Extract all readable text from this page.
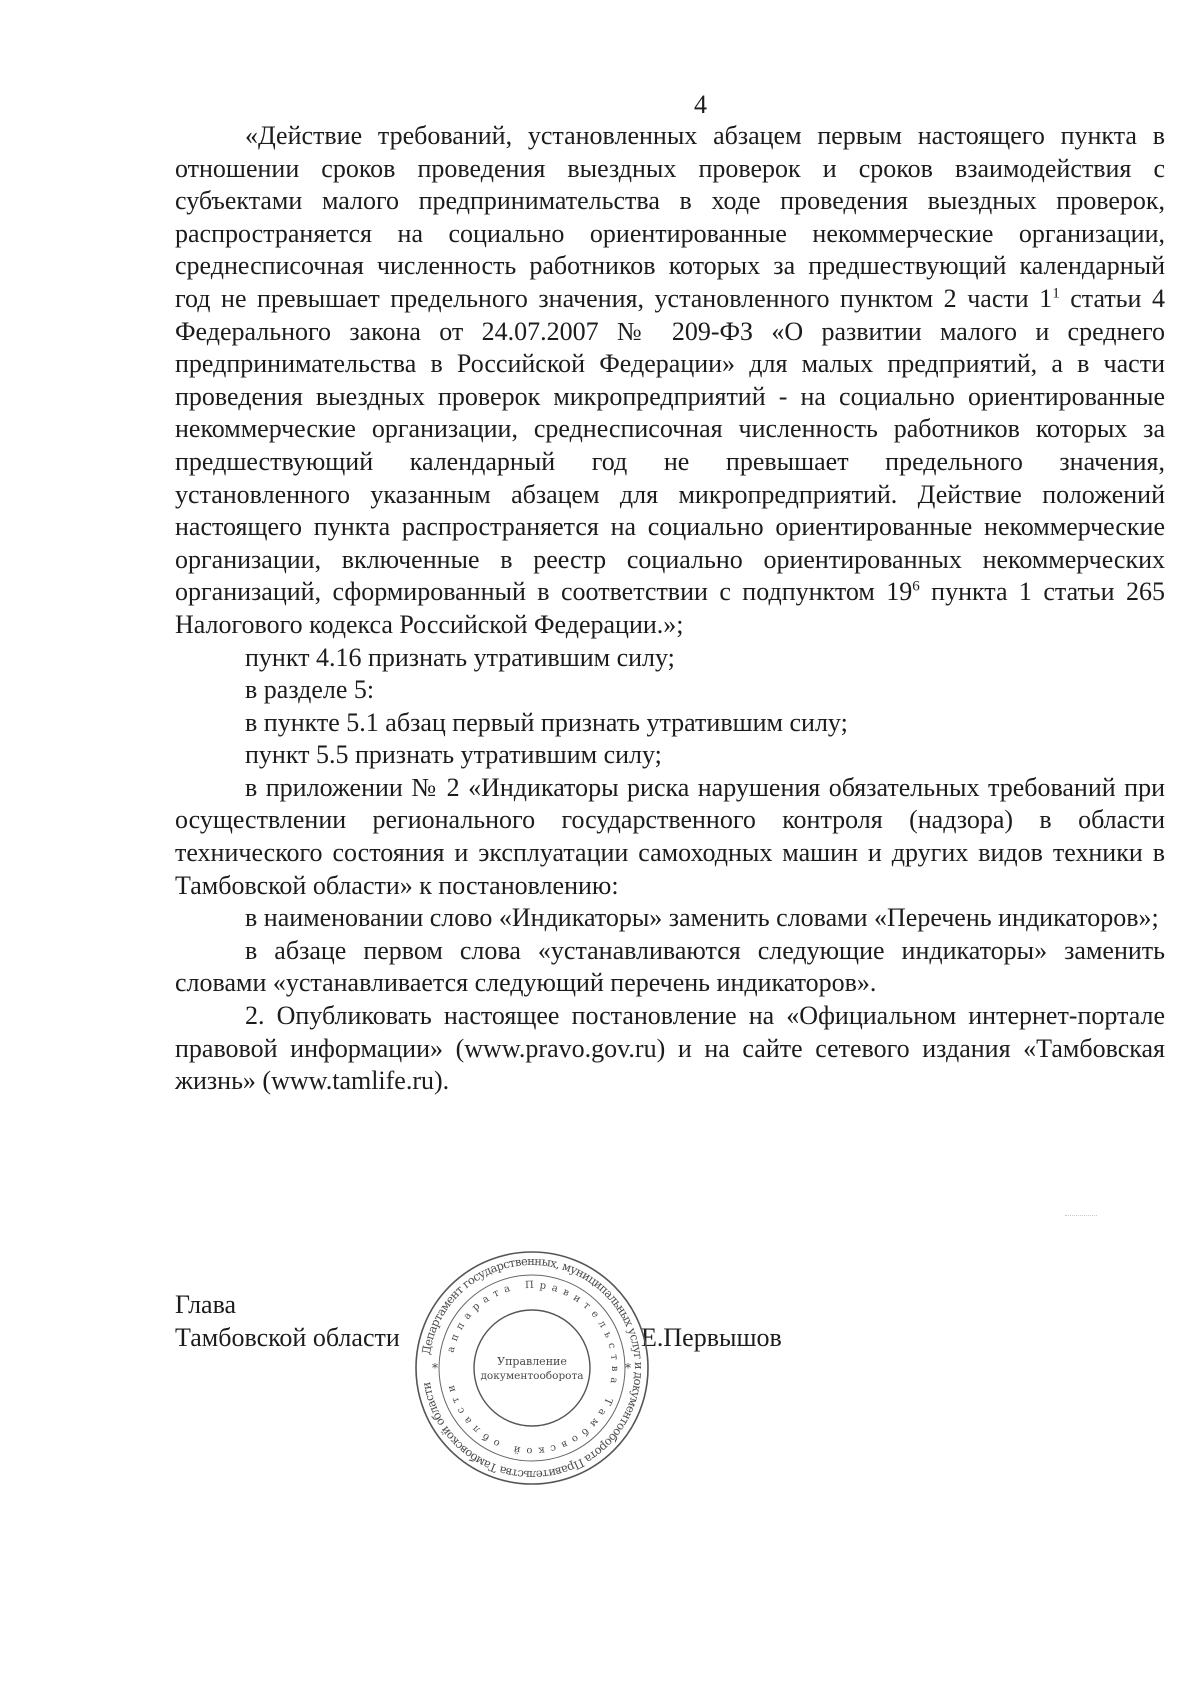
4

«Действие требований, установленных абзацем первым настоящего пункта в отношении сроков проведения выездных проверок и сроков взаимодействия с субъектами малого предпринимательства в ходе проведения выездных проверок, распространяется на социально ориентированные некоммерческие организации, среднесписочная численность работников которых за предшествующий календарный год не превышает предельного значения, установленного пунктом 2 части $1^1$ статьи 4 Федерального закона от 24.07.2007 № 209-ФЗ «О развитии малого и среднего предпринимательства в Российской Федерации» для малых предприятий, а в части проведения выездных проверок микропредприятий - на социально ориентированные некоммерческие организации, среднесписочная численность работников которых за предшествующий календарный год не превышает предельного значения, установленного указанным абзацем для микропредприятий. Действие положений настоящего пункта распространяется на социально ориентированные некоммерческие организации, включенные в реестр социально ориентированных некоммерческих организаций, сформированный в соответствии с подпунктом $19^6$ пункта 1 статьи 265 Налогового кодекса Российской Федерации.»;

пункт 4.16 признать утратившим силу;

в разделе 5:

в пункте 5.1 абзац первый признать утратившим силу;

пункт 5.5 признать утратившим силу;

в приложении № 2 «Индикаторы риска нарушения обязательных требований при осуществлении регионального государственного контроля (надзора) в области технического состояния и эксплуатации самоходных машин и других видов техники в Тамбовской области» к постановлению:

в наименовании слово «Индикаторы» заменить словами «Перечень индикаторов»;

в абзаце первом слова «устанавливаются следующие индикаторы» заменить словами «устанавливается следующий перечень индикаторов».

2. Опубликовать настоящее постановление на «Официальном интернет-портале правовой информации» (www.pravo.gov.ru) и на сайте сетевого издания «Тамбовская жизнь» (www.tamlife.ru).

Глава
Тамбовской области	Е.Первышов
Департамент государственных, муниципальных услуг и документооборота Правительства Тамбовской области
аппарата Правительства Тамбовской области
Управление
документооборота
*	*
